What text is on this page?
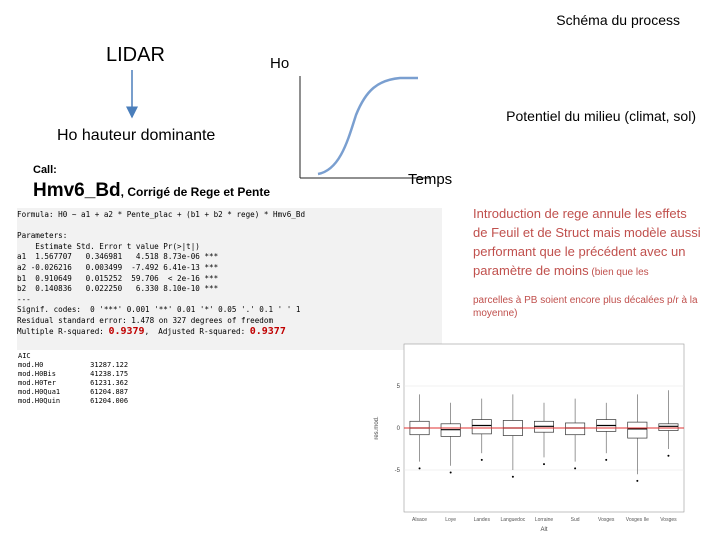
Schéma du process
LIDAR	Ho
Potentiel du milieu (climat, sol)
Ho hauteur dominante
Temps
Call:
Hmv6_Bd, Corrigé de Rege et Pente
Formula: H0 ~ a1 + a2 * Pente_plac + (b1 + b2 * rege) * Hmv6_Bd

Parameters:
Estimate Std. Error t value Pr(>|t|)
a1  1.567707   0.346981   4.518 8.73e-06 ***
a2 -0.026216   0.003499  -7.492 6.41e-13 ***
b1  0.910649   0.015252  59.706  < 2e-16 ***
b2  0.140836   0.022250   6.330 8.10e-10 ***
---
Signif. codes:  0 '***' 0.001 '**' 0.01 '*' 0.05 '.' 0.1 ' ' 1
Residual standard error: 1.478 on 327 degrees of freedom
Multiple R-squared: 0.9379,  Adjusted R-squared: 0.9377
AIC	
mod.H0	31287.122
mod.H0Bis	41238.175
mod.H0Ter	61231.362
mod.H0Qua1	61204.887
mod.H0Quin	61204.006
Introduction de rege annule les effets de Feuil et de Struct mais modèle aussi performant que le précédent avec un paramètre de moins (bien que les
parcelles à PB soient encore plus décalées p/r à la moyenne)
5
0
-5
Alsace	Loye	Landes Languedoc Lorraine	Sud	Vosges Vosges Ile Vosges
res.mod.
Alt
